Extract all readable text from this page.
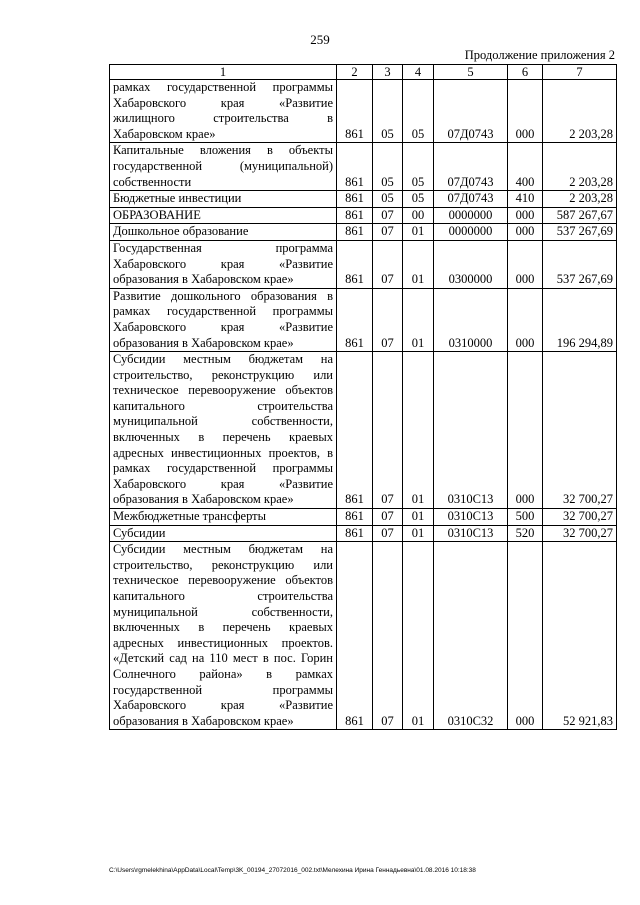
259
Продолжение приложения 2
1	2	3	4	5	6	7
рамках государственной программы Хабаровского края «Развитие жилищного строительства в Хабаровском крае»	861	05	05	07Д0743	000	2 203,28
Капитальные вложения в объекты государственной (муниципальной) собственности	861	05	05	07Д0743	400	2 203,28
Бюджетные инвестиции	861	05	05	07Д0743	410	2 203,28
ОБРАЗОВАНИЕ	861	07	00	0000000	000	587 267,67
Дошкольное образование	861	07	01	0000000	000	537 267,69
Государственная программа Хабаровского края «Развитие образования в Хабаровском крае»	861	07	01	0300000	000	537 267,69
Развитие дошкольного образования в рамках государственной программы Хабаровского края «Развитие образования в Хабаровском крае»	861	07	01	0310000	000	196 294,89
Субсидии местным бюджетам на строительство, реконструкцию или техническое перевооружение объектов капитального строительства муниципальной собственности, включенных в перечень краевых адресных инвестиционных проектов, в рамках государственной программы Хабаровского края «Развитие образования в Хабаровском крае»	861	07	01	0310С13	000	32 700,27
Межбюджетные трансферты	861	07	01	0310С13	500	32 700,27
Субсидии	861	07	01	0310С13	520	32 700,27
Субсидии местным бюджетам на строительство, реконструкцию или техническое перевооружение объектов капитального строительства муниципальной собственности, включенных в перечень краевых адресных инвестиционных проектов. «Детский сад на 110 мест в пос. Горин Солнечного района» в рамках государственной программы Хабаровского края «Развитие образования в Хабаровском крае»	861	07	01	0310С32	000	52 921,83
C:\Users\rgmelekhina\AppData\Local\Temp\3K_00194_27072016_002.txt\Мелехина Ирина Геннадьевна\01.08.2016 10:18:38
